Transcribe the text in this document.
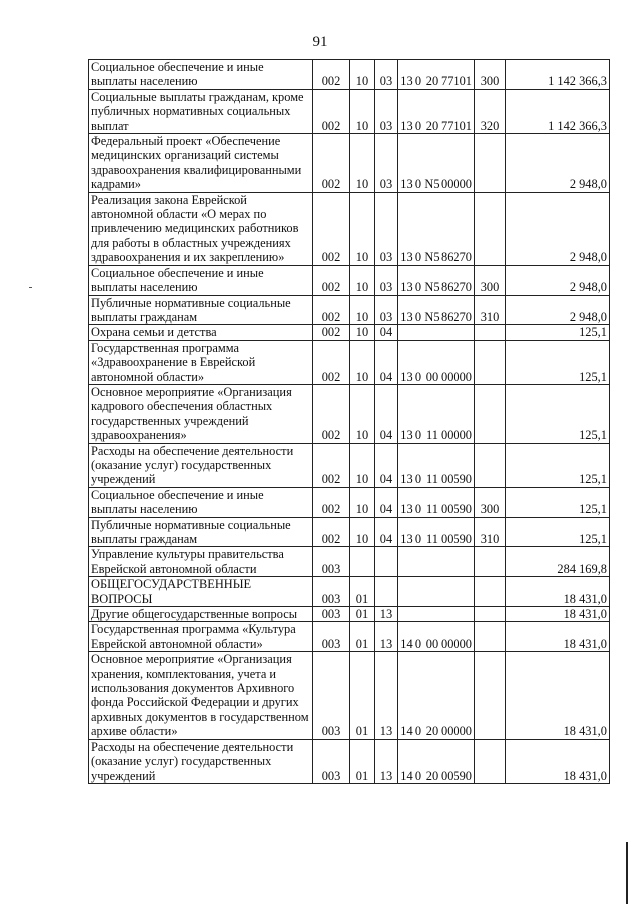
91
Социальное обеспечение и иные выплаты населению	002	10	03	13 0 20 77101	300	1 142 366,3
Социальные выплаты гражданам, кроме публичных нормативных социальных выплат	002	10	03	13 0 20 77101	320	1 142 366,3
Федеральный проект «Обеспечение медицинских организаций системы здравоохранения квалифицированными кадрами»	002	10	03	13 0 N5 00000		2 948,0
Реализация закона Еврейской автономной области «О мерах по привлечению медицинских работников для работы в областных учреждениях здравоохранения и их закреплению»	002	10	03	13 0 N5 86270		2 948,0
Социальное обеспечение и иные выплаты населению	002	10	03	13 0 N5 86270	300	2 948,0
Публичные нормативные социальные выплаты гражданам	002	10	03	13 0 N5 86270	310	2 948,0
Охрана семьи и детства	002	10	04			125,1
Государственная программа «Здравоохранение в Еврейской автономной области»	002	10	04	13 0 00 00000		125,1
Основное мероприятие «Организация кадрового обеспечения областных государственных учреждений здравоохранения»	002	10	04	13 0 11 00000		125,1
Расходы на обеспечение деятельности (оказание услуг) государственных учреждений	002	10	04	13 0 11 00590		125,1
Социальное обеспечение и иные выплаты населению	002	10	04	13 0 11 00590	300	125,1
Публичные нормативные социальные выплаты гражданам	002	10	04	13 0 11 00590	310	125,1
Управление культуры правительства Еврейской автономной области	003					284 169,8
ОБЩЕГОСУДАРСТВЕННЫЕ ВОПРОСЫ	003	01				18 431,0
Другие общегосударственные вопросы	003	01	13			18 431,0
Государственная программа «Культура Еврейской автономной области»	003	01	13	14 0 00 00000		18 431,0
Основное мероприятие «Организация хранения, комплектования, учета и использования документов Архивного фонда Российской Федерации и других архивных документов в государственном архиве области»	003	01	13	14 0 20 00000		18 431,0
Расходы на обеспечение деятельности (оказание услуг) государственных учреждений	003	01	13	14 0 20 00590		18 431,0
